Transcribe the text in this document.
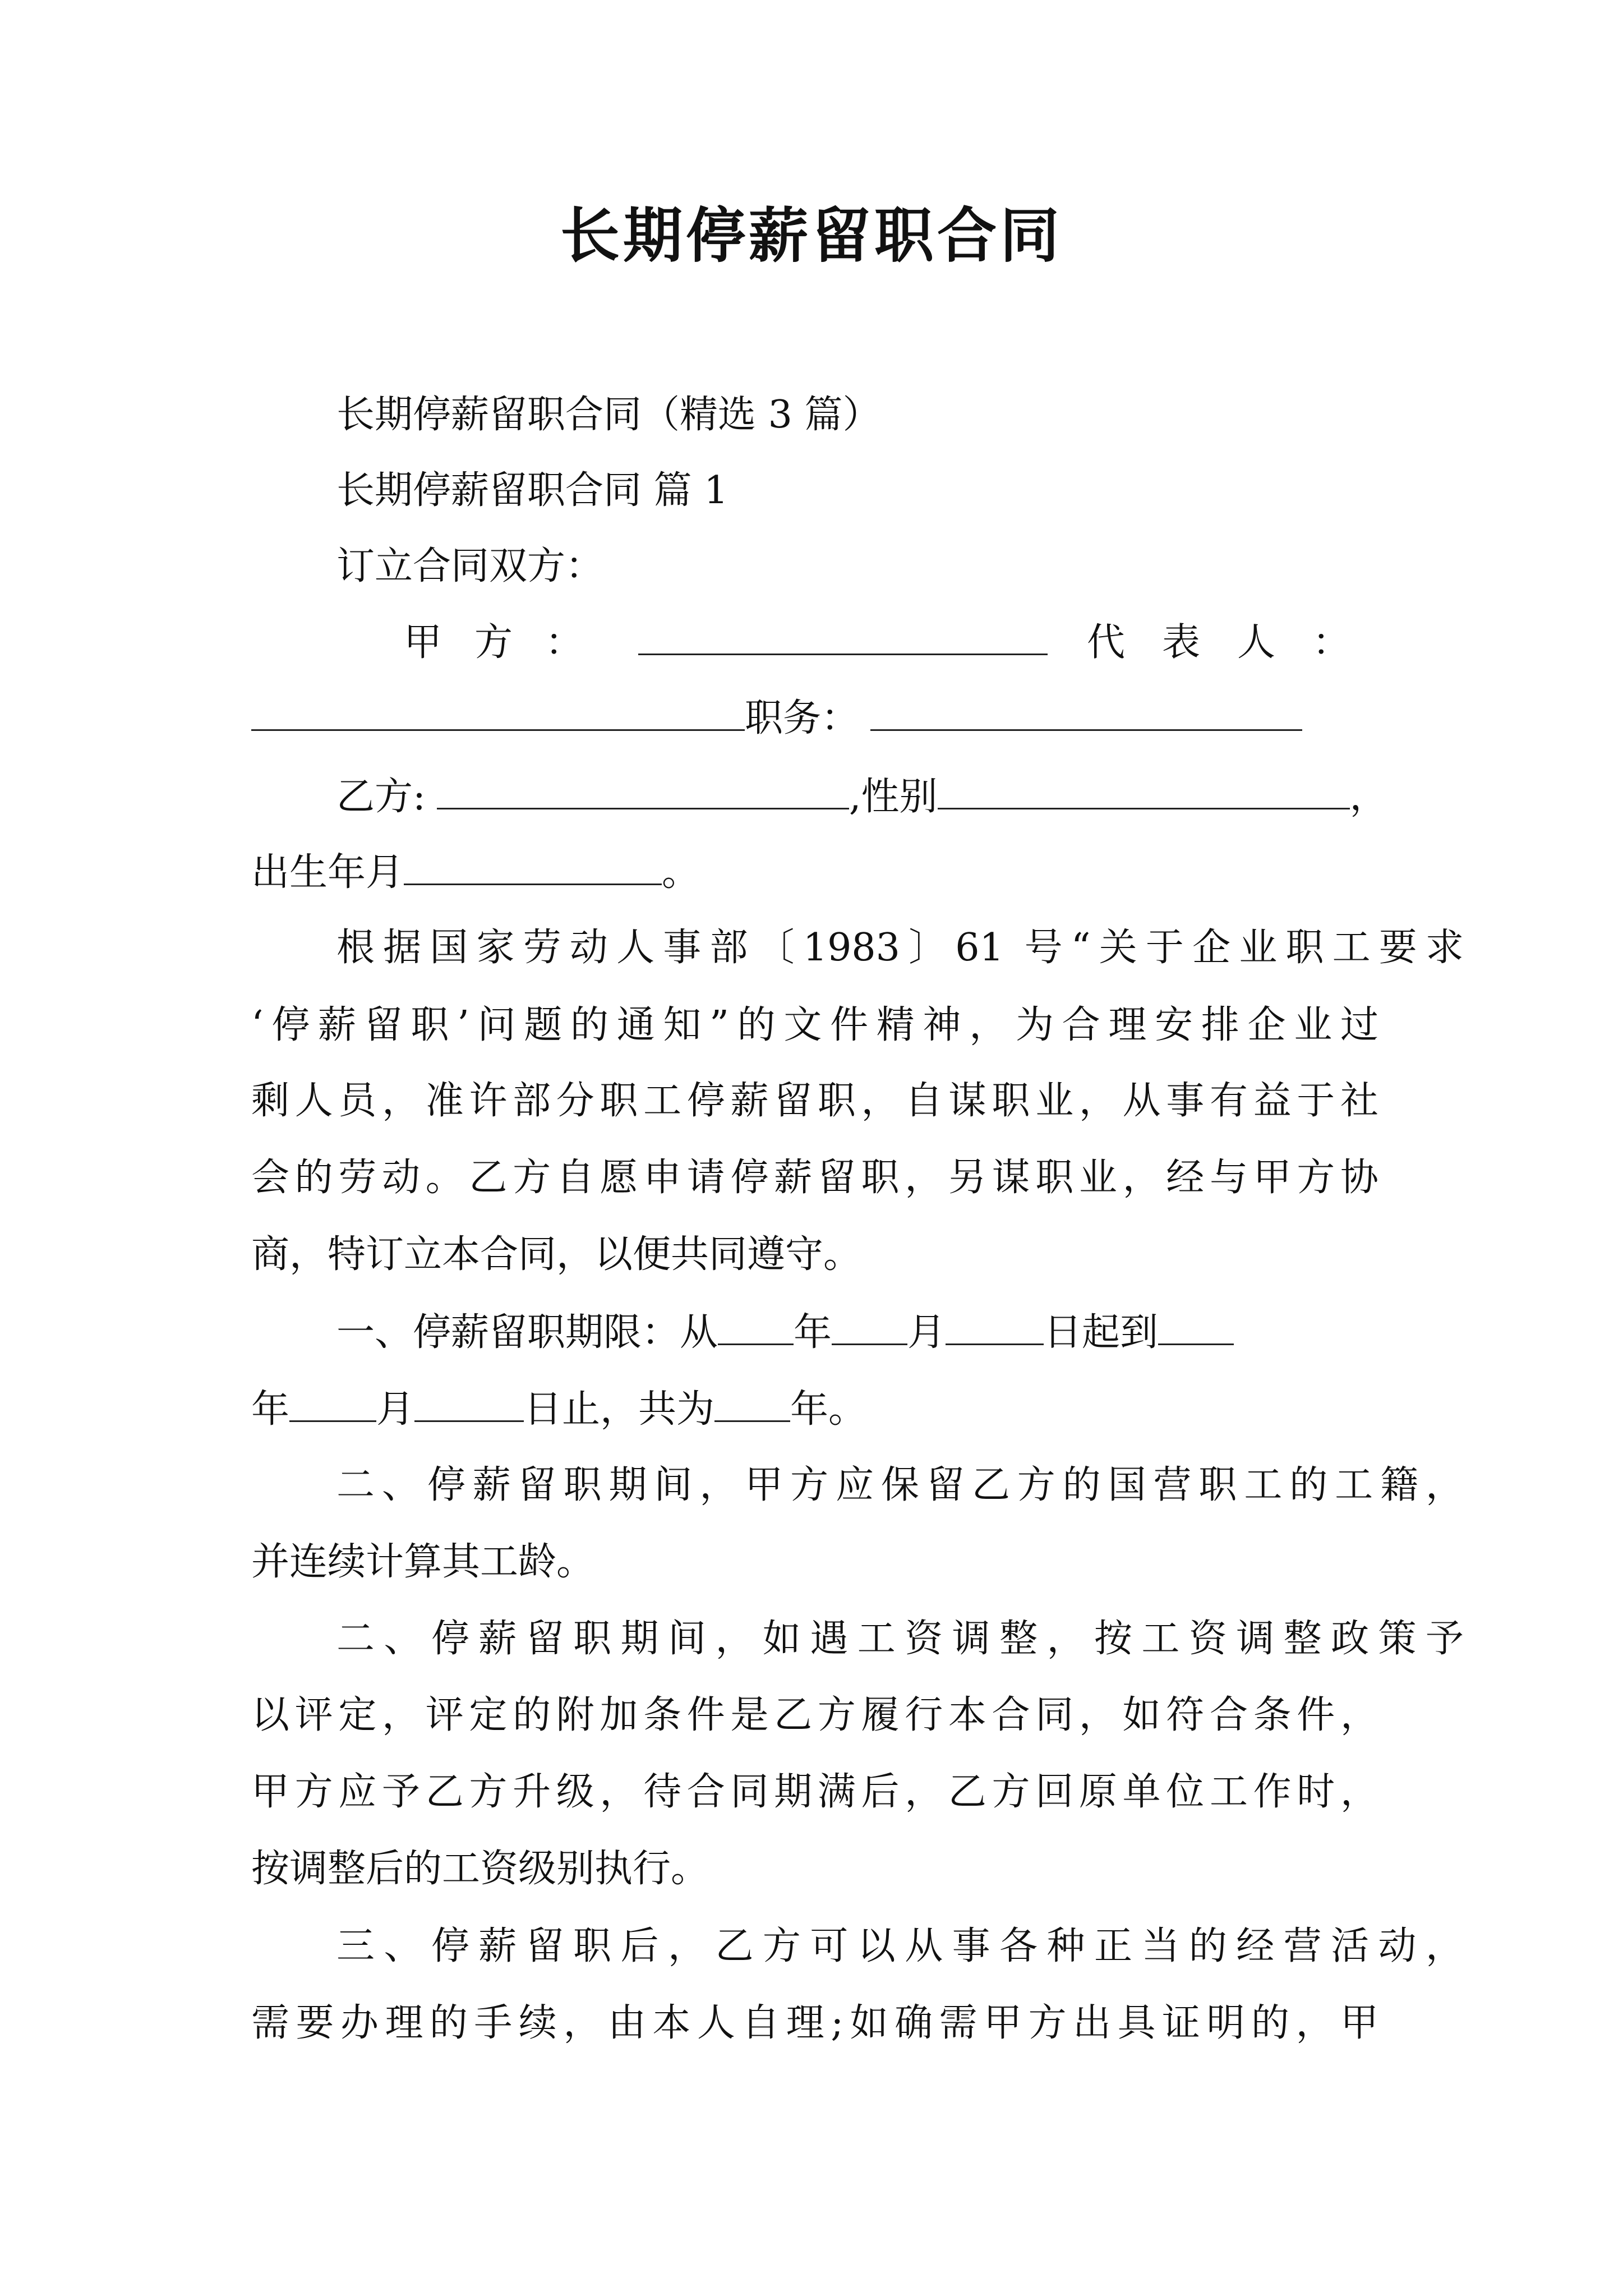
长期停薪留职合同
长期停薪留职合同（精选 3 篇）
长期停薪留职合同 篇 1
订立合同双方：
甲方：	代表人：
职务：
乙方:	,性别	，
出生年月	。
根据国家劳动人事部〔1983〕61 号“关于企业职工要求
‘停薪留职’问题的通知”的文件精神，为合理安排企业过
剩人员，准许部分职工停薪留职，自谋职业，从事有益于社
会的劳动。乙方自愿申请停薪留职，另谋职业，经与甲方协
商，特订立本合同，以便共同遵守。
一、停薪留职期限：从 年 月	日起到
年 月	日止，共为 年。
二、停薪留职期间，甲方应保留乙方的国营职工的工籍，
并连续计算其工龄。
二、停薪留职期间，如遇工资调整，按工资调整政策予
以评定，评定的附加条件是乙方履行本合同，如符合条件，
甲方应予乙方升级，待合同期满后，乙方回原单位工作时，
按调整后的工资级别执行。
三、停薪留职后，乙方可以从事各种正当的经营活动，
需要办理的手续，由本人自理;如确需甲方出具证明的，甲
